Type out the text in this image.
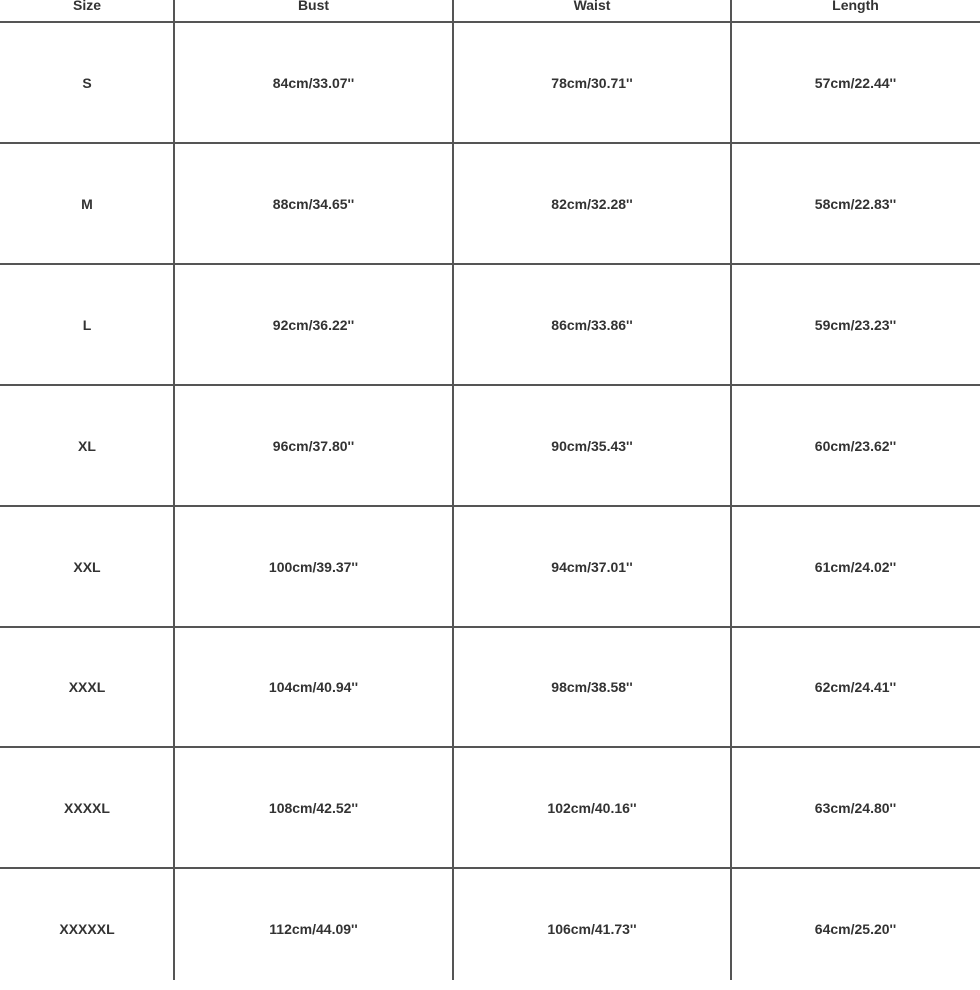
Size	Bust	Waist	Length
S	84cm/33.07''	78cm/30.71''	57cm/22.44''
M	88cm/34.65''	82cm/32.28''	58cm/22.83''
L	92cm/36.22''	86cm/33.86''	59cm/23.23''
XL	96cm/37.80''	90cm/35.43''	60cm/23.62''
XXL	100cm/39.37''	94cm/37.01''	61cm/24.02''
XXXL	104cm/40.94''	98cm/38.58''	62cm/24.41''
XXXXL	108cm/42.52''	102cm/40.16''	63cm/24.80''
XXXXXL	112cm/44.09''	106cm/41.73''	64cm/25.20''
